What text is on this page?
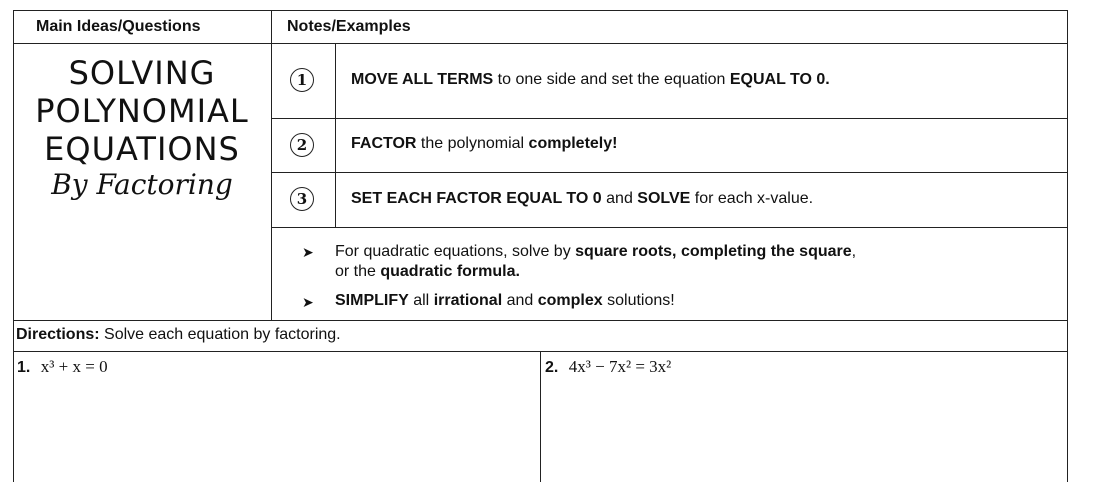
Main Ideas/Questions	Notes/Examples
SOLVING
POLYNOMIAL
EQUATIONS
By Factoring
1	MOVE ALL TERMS to one side and set the equation EQUAL TO 0.
2	FACTOR the polynomial completely!
3	SET EACH FACTOR EQUAL TO 0 and SOLVE for each x-value.
➤ For quadratic equations, solve by square roots, completing the square,
or the quadratic formula.
➤ SIMPLIFY all irrational and complex solutions!
Directions: Solve each equation by factoring.
1. x³ + x = 0	2. 4x³ − 7x² = 3x²
